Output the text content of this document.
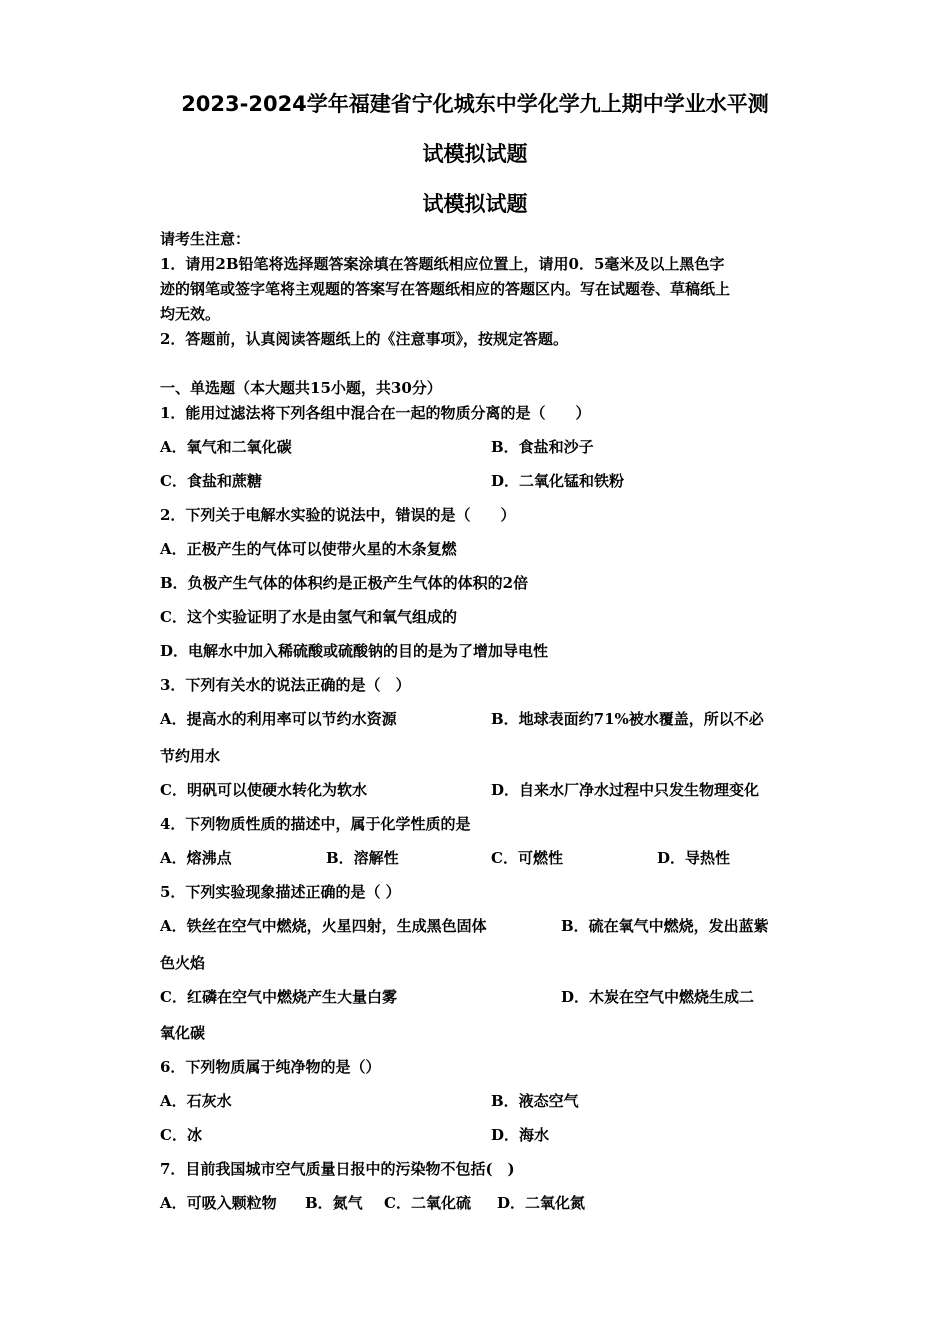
2023-2024学年福建省宁化城东中学化学九上期中学业水平测
试模拟试题
试模拟试题
请考生注意：
1．请用2B铅笔将选择题答案涂填在答题纸相应位置上，请用0．5毫米及以上黑色字
迹的钢笔或签字笔将主观题的答案写在答题纸相应的答题区内。写在试题卷、草稿纸上
均无效。
2．答题前，认真阅读答题纸上的《注意事项》，按规定答题。
一、单选题（本大题共15小题，共30分）
1．能用过滤法将下列各组中混合在一起的物质分离的是（　　）
A．氧气和二氧化碳	B．食盐和沙子
C．食盐和蔗糖	D．二氧化锰和铁粉
2．下列关于电解水实验的说法中，错误的是（　　）
A．正极产生的气体可以使带火星的木条复燃
B．负极产生气体的体积约是正极产生气体的体积的2倍
C．这个实验证明了水是由氢气和氧气组成的
D．电解水中加入稀硫酸或硫酸钠的目的是为了增加导电性
3．下列有关水的说法正确的是（　）
A．提高水的利用率可以节约水资源	B．地球表面约71%被水覆盖，所以不必
节约用水
C．明矾可以使硬水转化为软水	D．自来水厂净水过程中只发生物理变化
4．下列物质性质的描述中，属于化学性质的是
A．熔沸点	B．溶解性	C．可燃性	D．导热性
5．下列实验现象描述正确的是（ ）
A．铁丝在空气中燃烧，火星四射，生成黑色固体	B．硫在氧气中燃烧，发出蓝紫
色火焰
C．红磷在空气中燃烧产生大量白雾	D．木炭在空气中燃烧生成二
氧化碳
6．下列物质属于纯净物的是（）
A．石灰水	B．液态空气
C．冰	D．海水
7．目前我国城市空气质量日报中的污染物不包括(　)
A．可吸入颗粒物 B．氮气 C．二氧化硫 D．二氧化氮
